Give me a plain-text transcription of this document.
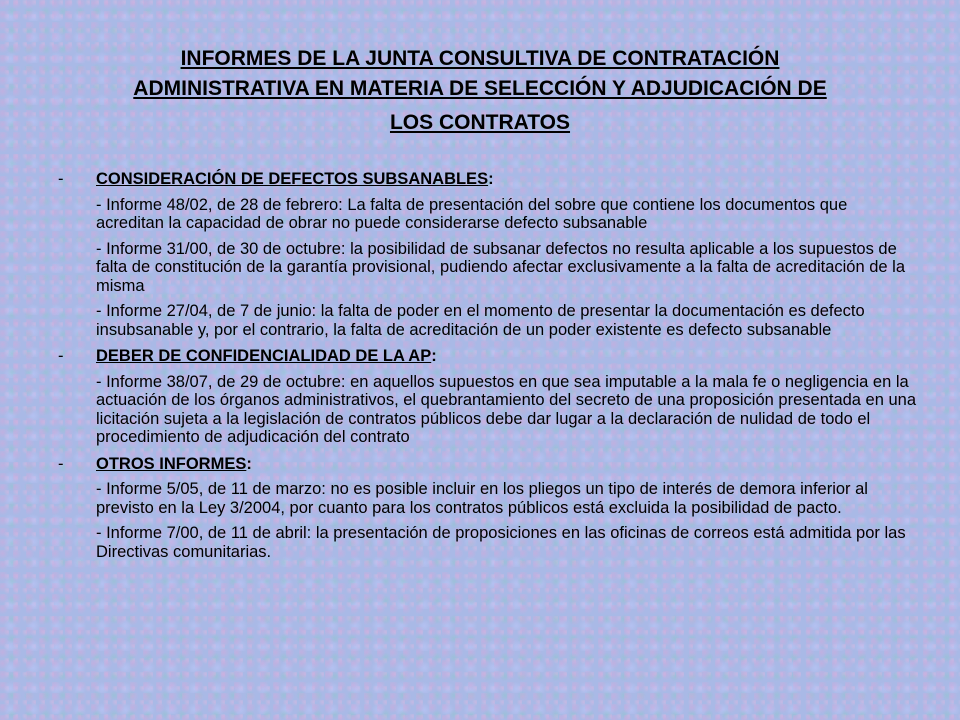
INFORMES DE LA JUNTA CONSULTIVA DE CONTRATACIÓN
ADMINISTRATIVA EN MATERIA DE SELECCIÓN Y ADJUDICACIÓN DE
LOS CONTRATOS
-	CONSIDERACIÓN DE DEFECTOS SUBSANABLES:
- Informe 48/02, de 28 de febrero: La falta de presentación del sobre que contiene los documentos que acreditan la capacidad de obrar no puede considerarse defecto subsanable
- Informe 31/00, de 30 de octubre: la posibilidad de subsanar defectos no resulta aplicable a los supuestos de falta de constitución de la garantía provisional, pudiendo afectar exclusivamente a la falta de acreditación de la misma
- Informe 27/04, de 7 de junio: la falta de poder en el momento de presentar la documentación es defecto insubsanable y, por el contrario, la falta de acreditación de un poder existente es defecto subsanable
-	DEBER DE CONFIDENCIALIDAD DE LA AP:
- Informe 38/07, de 29 de octubre: en aquellos supuestos en que sea imputable a la mala fe o negligencia en la actuación de los órganos administrativos, el quebrantamiento del secreto de una proposición presentada en una licitación sujeta a la legislación de contratos públicos debe dar lugar a la declaración de nulidad de todo el procedimiento de adjudicación del contrato
-	OTROS INFORMES:
- Informe 5/05, de 11 de marzo: no es posible incluir en los pliegos un tipo de interés de demora inferior al previsto en la Ley 3/2004, por cuanto para los contratos públicos está excluida la posibilidad de pacto.
- Informe 7/00, de 11 de abril: la presentación de proposiciones en las oficinas de correos está admitida por las Directivas comunitarias.
